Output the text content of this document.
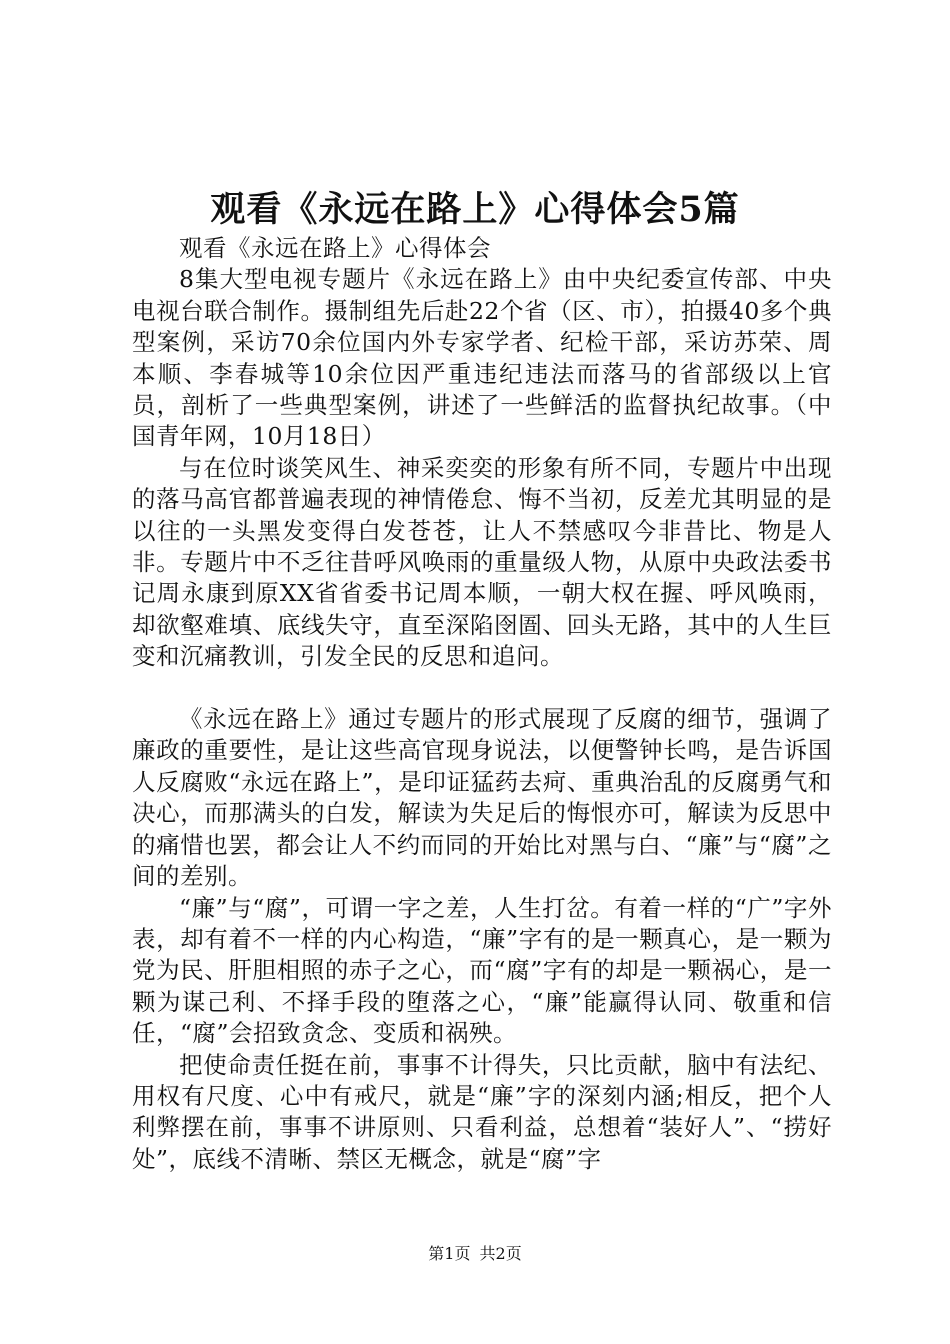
观看《永远在路上》心得体会5篇

观看《永远在路上》心得体会

8集大型电视专题片《永远在路上》由中央纪委宣传部、中央电视台联合制作。摄制组先后赴22个省（区、市），拍摄40多个典型案例，采访70余位国内外专家学者、纪检干部，采访苏荣、周本顺、李春城等10余位因严重违纪违法而落马的省部级以上官员，剖析了一些典型案例，讲述了一些鲜活的监督执纪故事。（中国青年网，10月18日）

与在位时谈笑风生、神采奕奕的形象有所不同，专题片中出现的落马高官都普遍表现的神情倦怠、悔不当初，反差尤其明显的是以往的一头黑发变得白发苍苍，让人不禁感叹今非昔比、物是人非。专题片中不乏往昔呼风唤雨的重量级人物，从原中央政法委书记周永康到原XX省省委书记周本顺，一朝大权在握、呼风唤雨，却欲壑难填、底线失守，直至深陷囹圄、回头无路，其中的人生巨变和沉痛教训，引发全民的反思和追问。

《永远在路上》通过专题片的形式展现了反腐的细节，强调了廉政的重要性，是让这些高官现身说法，以便警钟长鸣，是告诉国人反腐败“永远在路上”，是印证猛药去疴、重典治乱的反腐勇气和决心，而那满头的白发，解读为失足后的悔恨亦可，解读为反思中的痛惜也罢，都会让人不约而同的开始比对黑与白、“廉”与“腐”之间的差别。

“廉”与“腐”，可谓一字之差，人生打岔。有着一样的“广”字外表，却有着不一样的内心构造，“廉”字有的是一颗真心，是一颗为党为民、肝胆相照的赤子之心，而“腐”字有的却是一颗祸心，是一颗为谋己利、不择手段的堕落之心，“廉”能赢得认同、敬重和信任，“腐”会招致贪念、变质和祸殃。

把使命责任挺在前，事事不计得失，只比贡献，脑中有法纪、用权有尺度、心中有戒尺，就是“廉”字的深刻内涵;相反，把个人利弊摆在前，事事不讲原则、只看利益，总想着“装好人”、“捞好处”，底线不清晰、禁区无概念，就是“腐”字

第1页 共2页
